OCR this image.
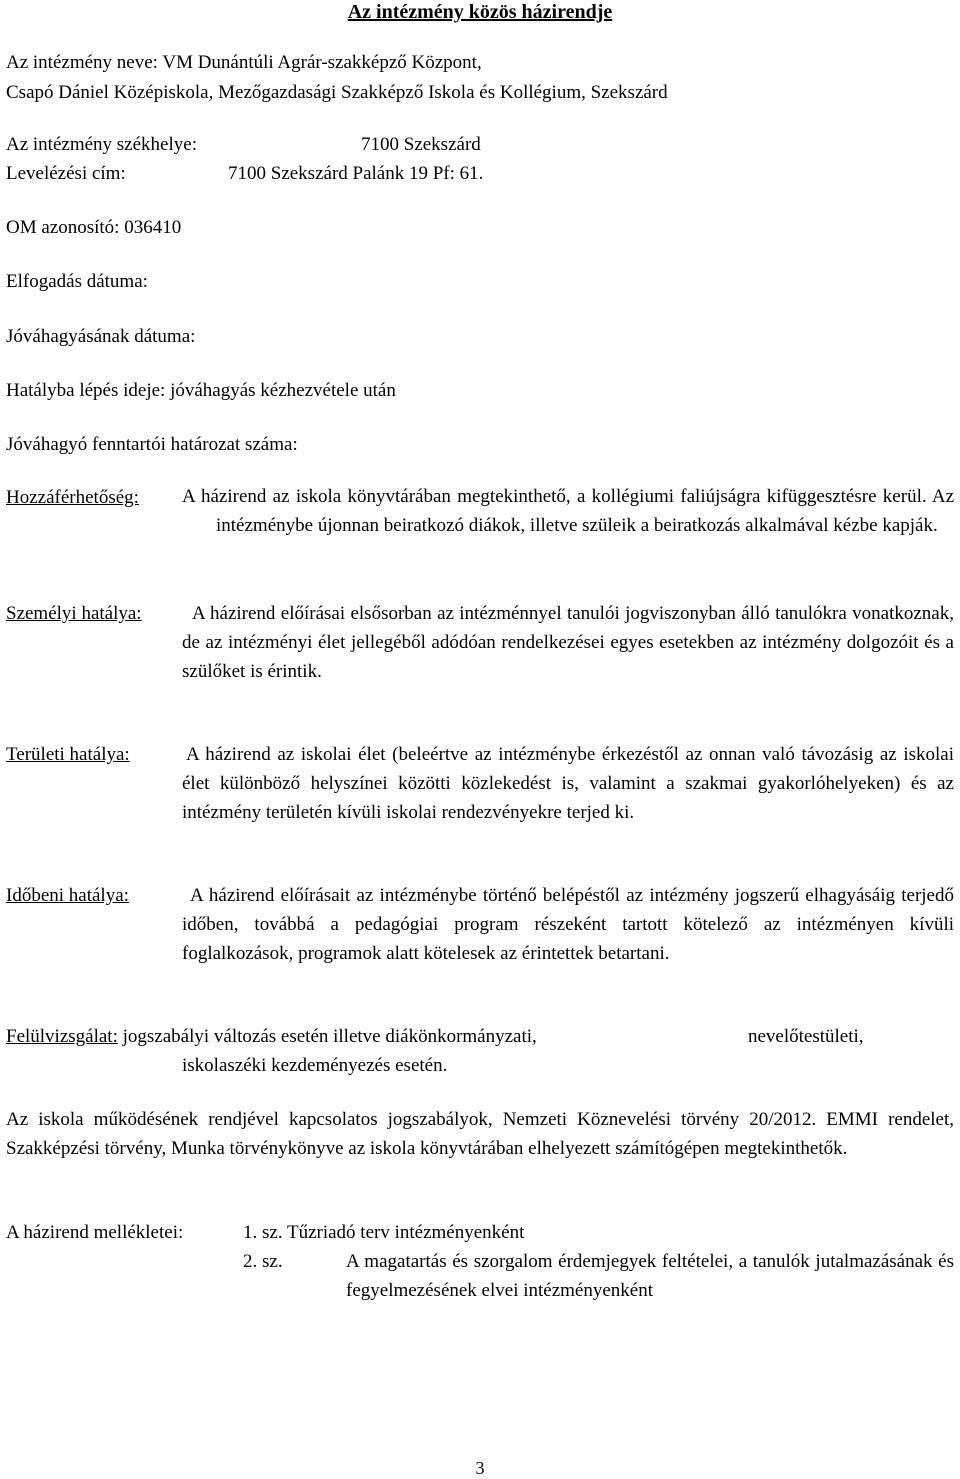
Az intézmény közös házirendje
Az intézmény neve: VM Dunántúli Agrár-szakképző Központ,
Csapó Dániel Középiskola, Mezőgazdasági Szakképző Iskola és Kollégium, Szekszárd
Az intézmény székhelye:	7100 Szekszárd
Levelézési cím:	7100 Szekszárd Palánk 19 Pf: 61.
OM azonosító: 036410
Elfogadás dátuma:
Jóváhagyásának dátuma:
Hatályba lépés ideje: jóváhagyás kézhezvétele után
Jóváhagyó fenntartói határozat száma:
Hozzáférhetőség: A házirend az iskola könyvtárában megtekinthető, a kollégiumi faliújságra kifüggesztésre kerül. Az intézménybe újonnan beiratkozó diákok, illetve szüleik a beiratkozás alkalmával kézbe kapják.
Személyi hatálya:	A házirend előírásai elsősorban az intézménnyel tanulói jogviszonyban álló tanulókra vonatkoznak, de az intézményi élet jellegéből adódóan rendelkezései egyes esetekben az intézmény dolgozóit és a szülőket is érintik.
Területi hatálya:	A házirend az iskolai élet (beleértve az intézménybe érkezéstől az onnan való távozásig az iskolai élet különböző helyszínei közötti közlekedést is, valamint a szakmai gyakorlóhelyeken) és az intézmény területén kívüli iskolai rendezvényekre terjed ki.
Időbeni hatálya:	A házirend előírásait az intézménybe történő belépéstől az intézmény jogszerű elhagyásáig terjedő időben, továbbá a pedagógiai program részeként tartott kötelező az intézményen kívüli foglalkozások, programok alatt kötelesek az érintettek betartani.
Felülvizsgálat: jogszabályi változás esetén illetve diákönkormányzati,	nevelőtestületi,
iskolaszéki kezdeményezés esetén.
Az iskola működésének rendjével kapcsolatos jogszabályok, Nemzeti Köznevelési törvény 20/2012. EMMI rendelet, Szakképzési törvény, Munka törvénykönyve az iskola könyvtárában elhelyezett számítógépen megtekinthetők.
A házirend mellékletei:	1. sz. Tűzriadó terv intézményenként
2. sz.	A magatartás és szorgalom érdemjegyek feltételei, a tanulók jutalmazásának és fegyelmezésének elvei intézményenként
3
